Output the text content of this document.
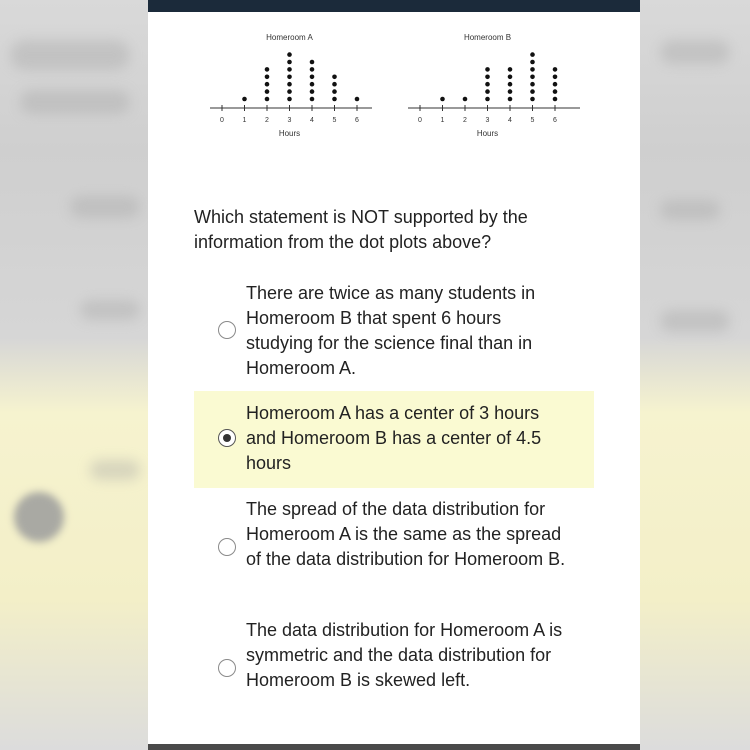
Homeroom A
0	1	2	3	4	5	6
Hours
Homeroom B
0	1	2	3	4	5	6
Hours
Which statement is NOT supported by the information from the dot plots above?
There are twice as many students in Homeroom B that spent 6 hours studying for the science final than in Homeroom A.
Homeroom A has a center of 3 hours and Homeroom B has a center of 4.5 hours
The spread of the data distribution for Homeroom A is the same as the spread of the data distribution for Homeroom B.
The data distribution for Homeroom A is symmetric and the data distribution for Homeroom B is skewed left.
